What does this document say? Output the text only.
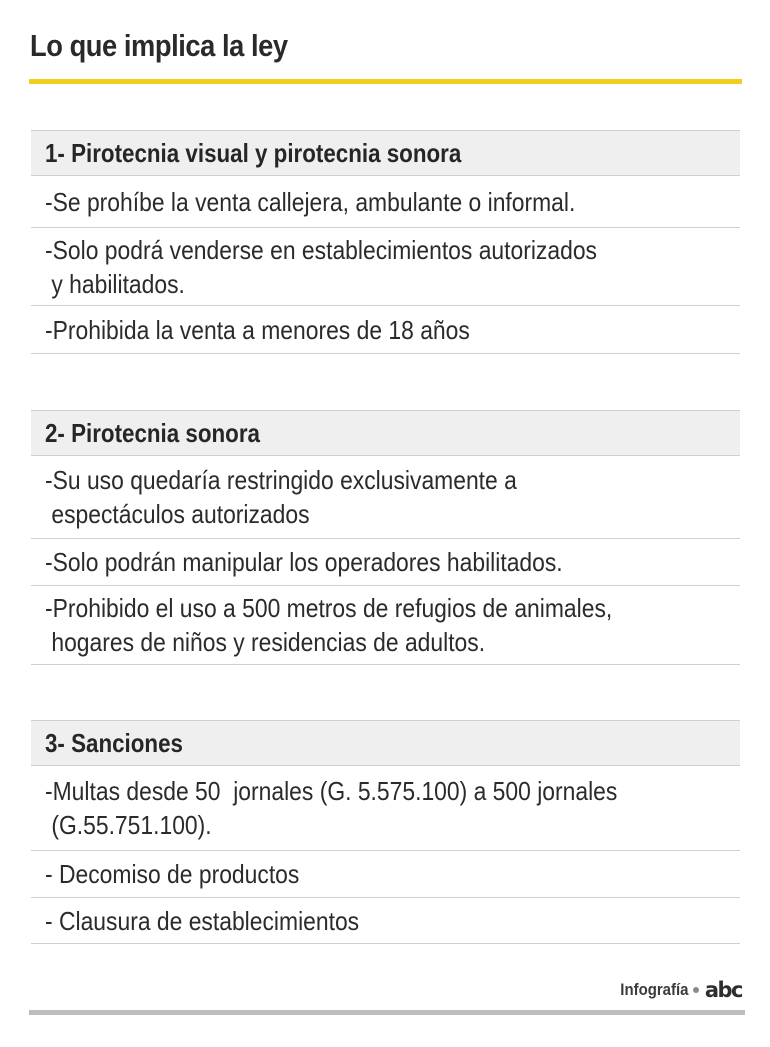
Lo que implica la ley
1- Pirotecnia visual y pirotecnia sonora
-Se prohíbe la venta callejera, ambulante o informal.
-Solo podrá venderse en establecimientos autorizados
y habilitados.
-Prohibida la venta a menores de 18 años
2- Pirotecnia sonora
-Su uso quedaría restringido exclusivamente a
espectáculos autorizados
-Solo podrán manipular los operadores habilitados.
-Prohibido el uso a 500 metros de refugios de animales,
hogares de niños y residencias de adultos.
3- Sanciones
-Multas desde 50  jornales (G. 5.575.100) a 500 jornales
(G.55.751.100).
- Decomiso de productos
- Clausura de establecimientos
Infografía abc
